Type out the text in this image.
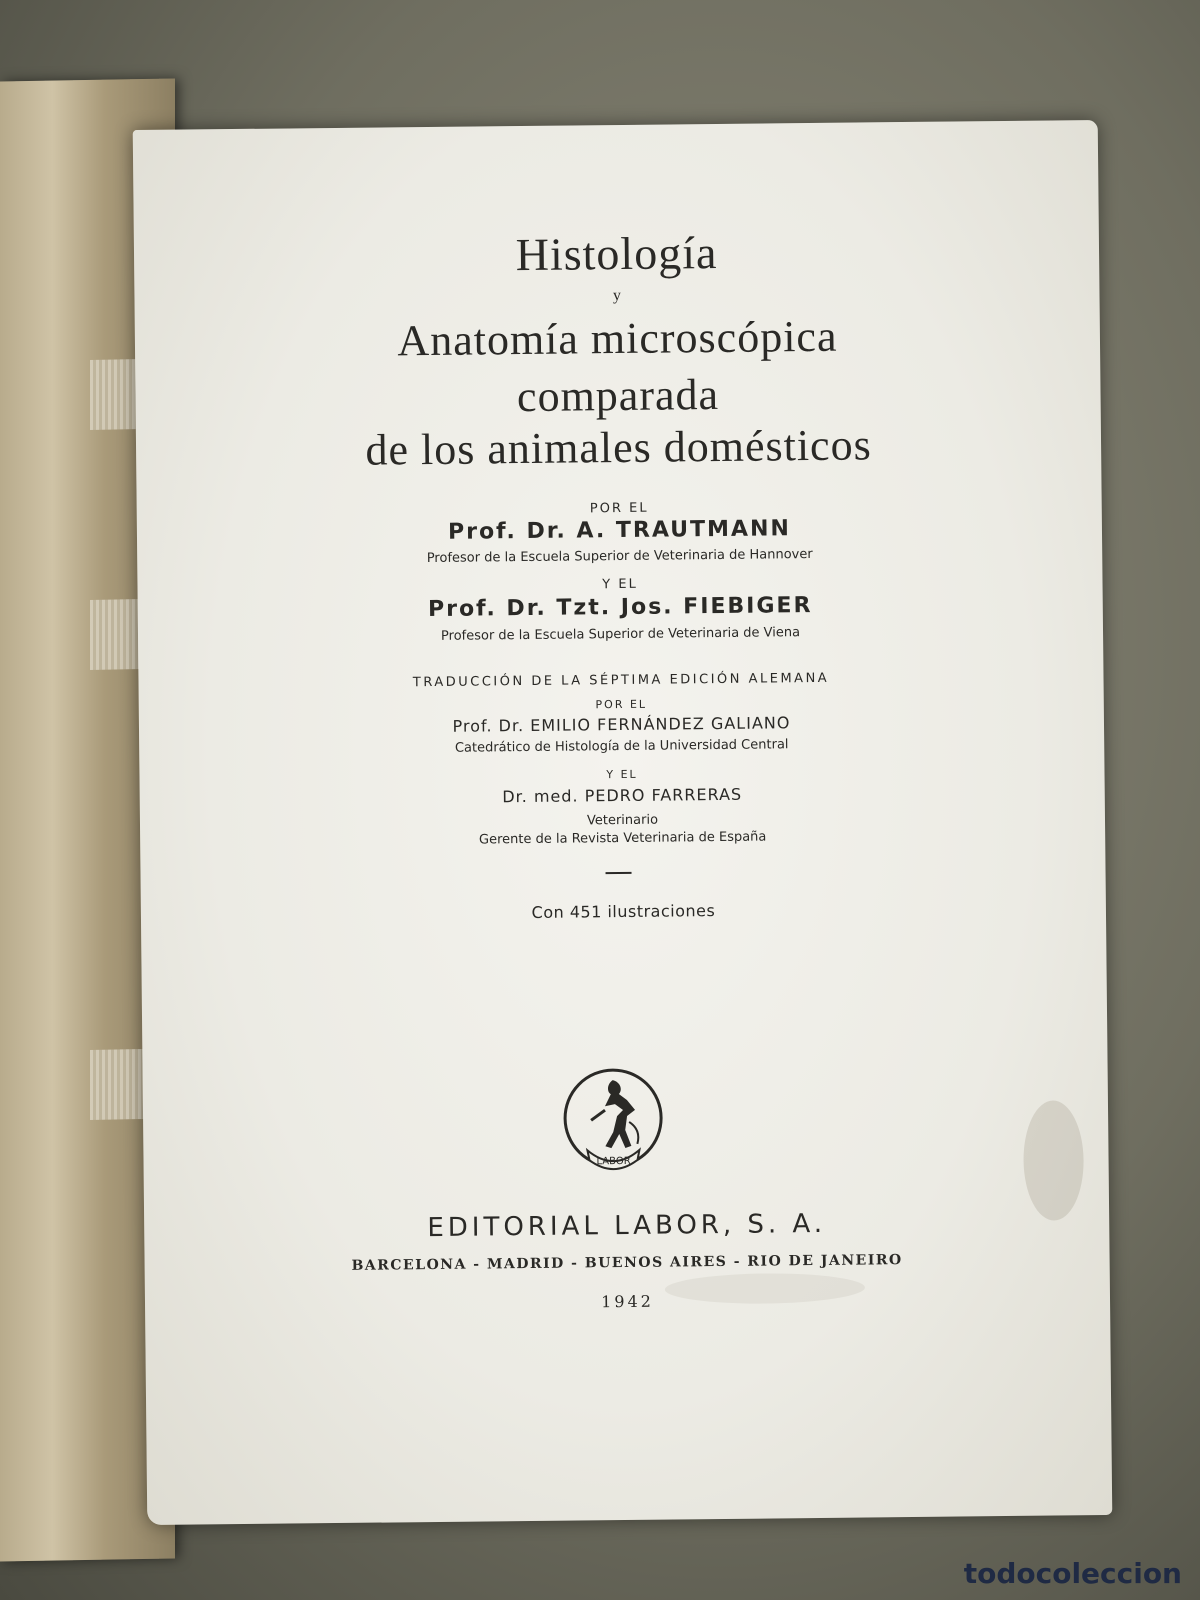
Histología
y
Anatomía microscópica
comparada
de los animales domésticos
POR EL
Prof. Dr. A. TRAUTMANN
Profesor de la Escuela Superior de Veterinaria de Hannover
Y EL
Prof. Dr. Tzt. Jos. FIEBIGER
Profesor de la Escuela Superior de Veterinaria de Viena
TRADUCCIÓN DE LA SÉPTIMA EDICIÓN ALEMANA
POR EL
Prof. Dr. EMILIO FERNÁNDEZ GALIANO
Catedrático de Histología de la Universidad Central
Y EL
Dr. med. PEDRO FARRERAS
Veterinario
Gerente de la Revista Veterinaria de España
Con 451 ilustraciones
LABOR
EDITORIAL LABOR, S. A.
BARCELONA - MADRID - BUENOS AIRES - RIO DE JANEIRO
1942
todocoleccion
